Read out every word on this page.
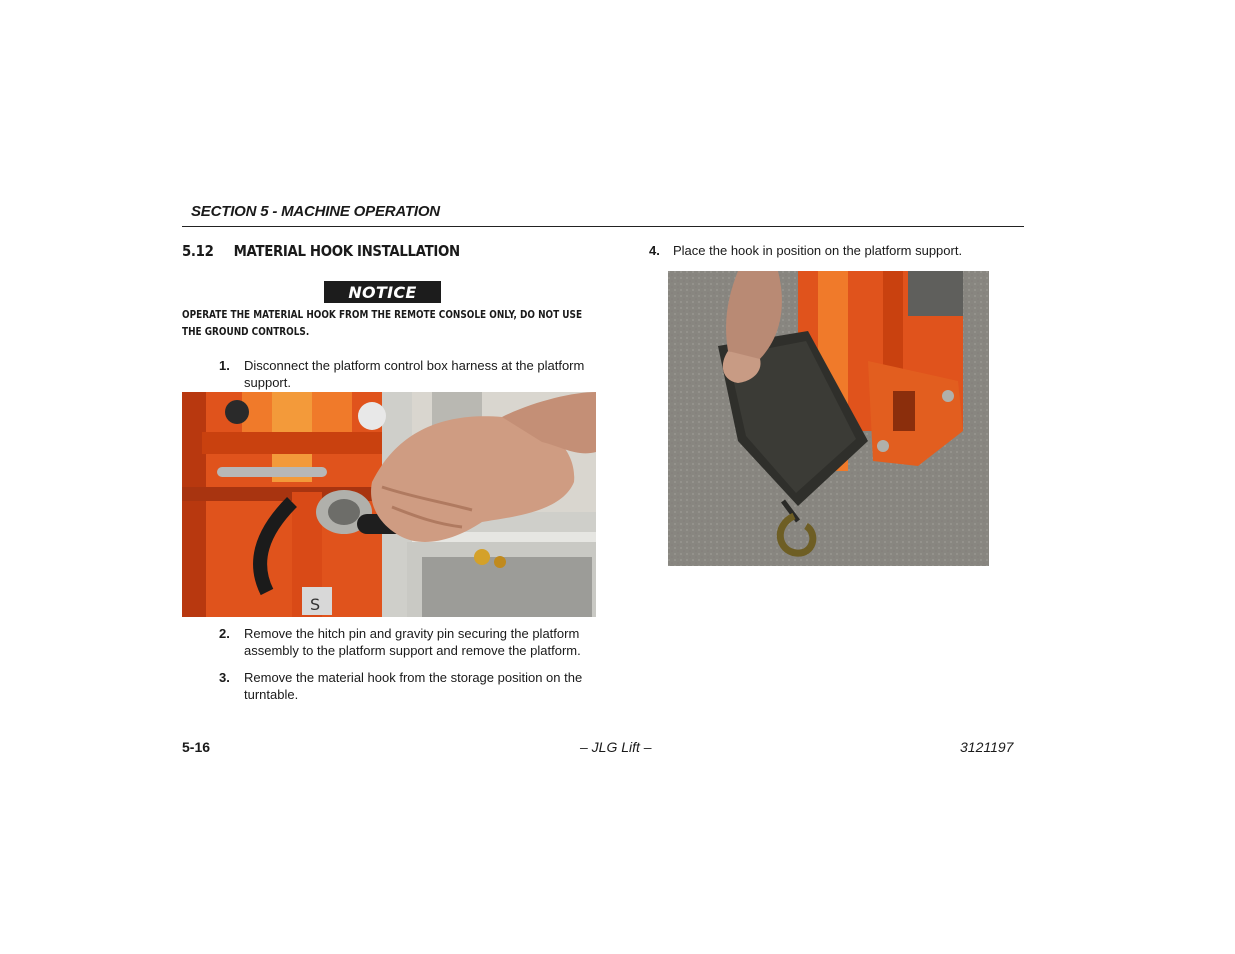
SECTION 5 - MACHINE OPERATION
5.12 MATERIAL HOOK INSTALLATION
NOTICE
OPERATE THE MATERIAL HOOK FROM THE REMOTE CONSOLE ONLY, DO NOT USE THE GROUND CONTROLS.
1. Disconnect the platform control box harness at the platform support.
S
2. Remove the hitch pin and gravity pin securing the platform assembly to the platform support and remove the platform.
3. Remove the material hook from the storage position on the turntable.
4. Place the hook in position on the platform support.
5-16	– JLG Lift –	3121197
